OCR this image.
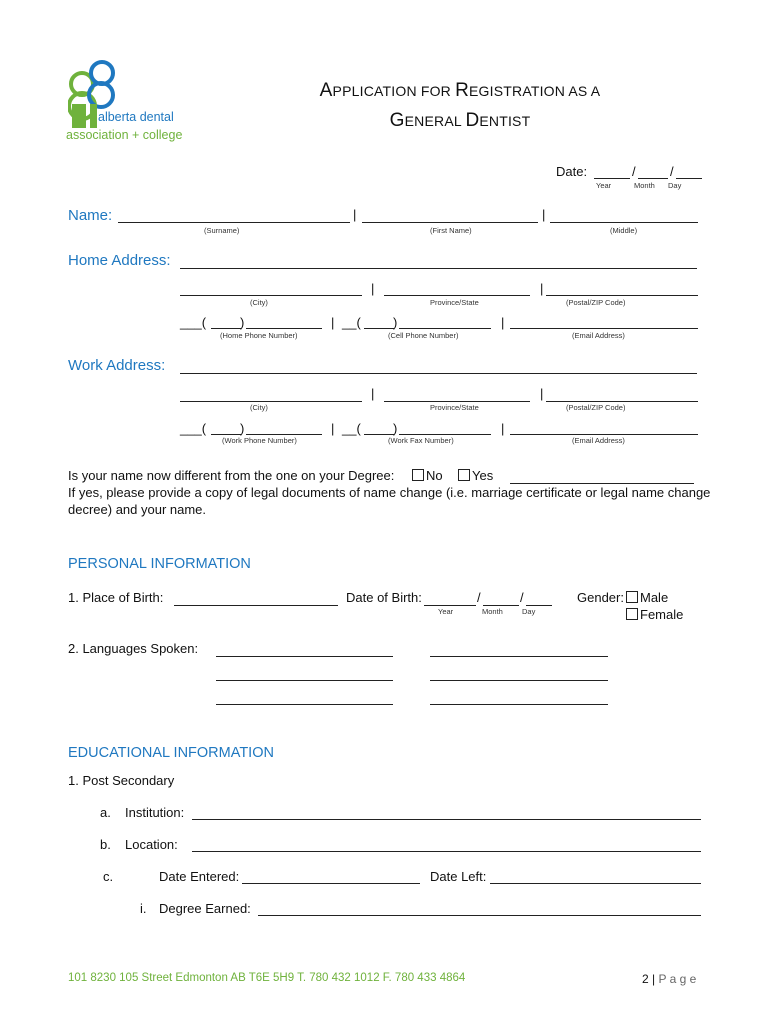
alberta dental
association + college
APPLICATION FOR REGISTRATION AS A
GENERAL DENTIST
Date:	/	/
Year	Month Day
Name:	|	|
(Surname)	(First Name)	(Middle)
Home Address:
|	|
(City)	Province/State	(Postal/ZIP Code)
___(	)	| __( )	|
(Home Phone Number)	(Cell Phone Number)	(Email Address)
Work Address:
|	|
(City)	Province/State	(Postal/ZIP Code)
___(	)	| __( )	|
(Work Phone Number)	(Work Fax Number)	(Email Address)
Is your name now different from the one on your Degree:	No	Yes
If yes, please provide a copy of legal documents of name change (i.e. marriage certificate or legal name change
decree) and your name.
PERSONAL INFORMATION
1. Place of Birth:	Date of Birth:	/	/
Year	Month	Day
Gender:	Male
Female
2. Languages Spoken:
EDUCATIONAL INFORMATION
1. Post Secondary
a. Institution:
b. Location:
c.	Date Entered:	Date Left:
i. Degree Earned:
101 8230 105 Street Edmonton AB T6E 5H9 T. 780 432 1012 F. 780 433 4864	2 | P a g e
